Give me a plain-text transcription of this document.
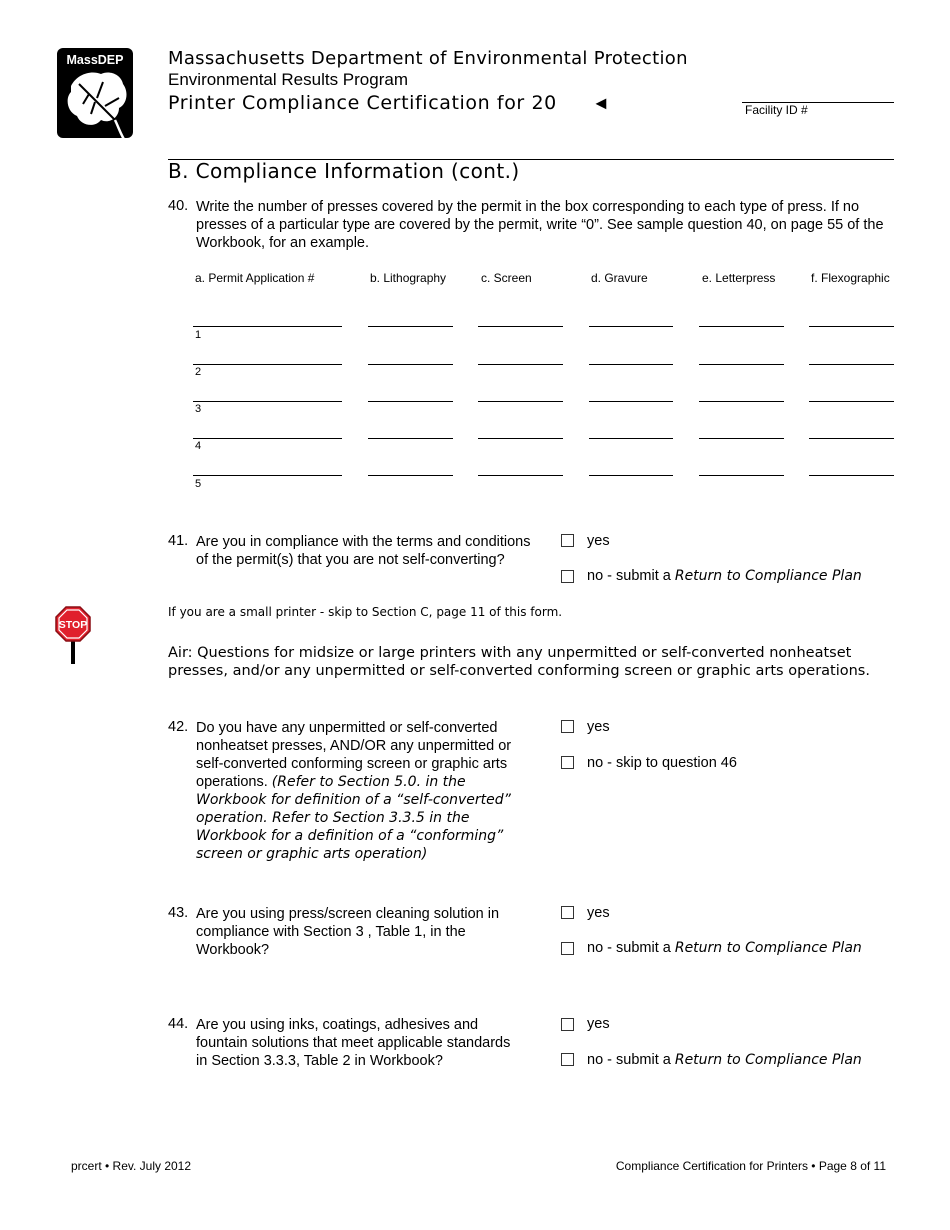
MassDEP Massachusetts Department of Environmental Protection
Environmental Results Program
Printer Compliance Certification for 20 ◄	Facility ID #
B. Compliance Information (cont.)
40. Write the number of presses covered by the permit in the box corresponding to each type of press. If no presses of a particular type are covered by the permit, write “0”. See sample question 40, on page 55 of the Workbook, for an example.
a. Permit Application #	b. Lithography	c. Screen	d. Gravure	e. Letterpress	f. Flexographic
1
2
3
4
5
41. Are you in compliance with the terms and conditions of the permit(s) that you are not self-converting?
yes
no - submit a Return to Compliance Plan
STOP
If you are a small printer - skip to Section C, page 11 of this form.
Air: Questions for midsize or large printers with any unpermitted or self-converted nonheatset presses, and/or any unpermitted or self-converted conforming screen or graphic arts operations.
42. Do you have any unpermitted or self-converted nonheatset presses, AND/OR any unpermitted or self-converted conforming screen or graphic arts operations. (Refer to Section 5.0. in the Workbook for definition of a “self-converted” operation. Refer to Section 3.3.5 in the Workbook for a definition of a “conforming” screen or graphic arts operation)
yes
no - skip to question 46
43. Are you using press/screen cleaning solution in compliance with Section 3 , Table 1, in the Workbook?
yes
no - submit a Return to Compliance Plan
44. Are you using inks, coatings, adhesives and fountain solutions that meet applicable standards in Section 3.3.3, Table 2 in Workbook?
yes
no - submit a Return to Compliance Plan
prcert • Rev. July 2012	Compliance Certification for Printers • Page 8 of 11
